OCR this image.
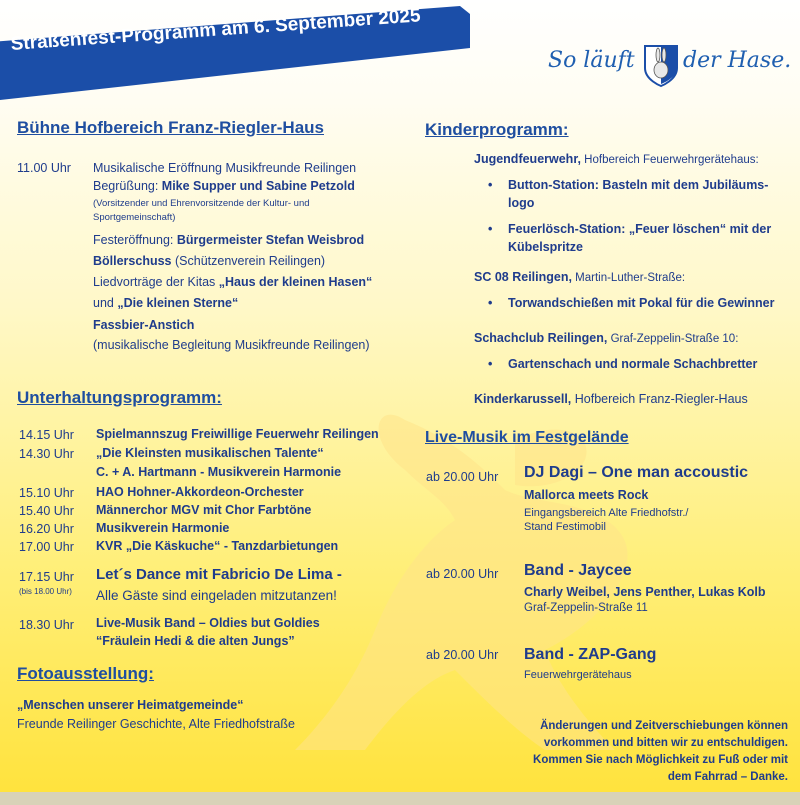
Straßenfest-Programm am 6. September 2025
So läuft der Hase.
Bühne Hofbereich Franz-Riegler-Haus
11.00 Uhr Musikalische Eröffnung Musikfreunde Reilingen
Begrüßung: Mike Supper und Sabine Petzold
(Vorsitzender und Ehrenvorsitzende der Kultur- und
Sportgemeinschaft)
Festeröffnung: Bürgermeister Stefan Weisbrod
Böllerschuss (Schützenverein Reilingen)
Liedvorträge der Kitas „Haus der kleinen Hasen“
und „Die kleinen Sterne“
Fassbier-Anstich
(musikalische Begleitung Musikfreunde Reilingen)
Unterhaltungsprogramm:
14.15 Uhr Spielmannszug Freiwillige Feuerwehr Reilingen
14.30 Uhr „Die Kleinsten musikalischen Talente“
C. + A. Hartmann - Musikverein Harmonie
15.10 Uhr HAO Hohner-Akkordeon-Orchester
15.40 Uhr Männerchor MGV mit Chor Farbtöne
16.20 Uhr Musikverein Harmonie
17.00 Uhr KVR „Die Käskuche“ - Tanzdarbietungen
17.15 Uhr
(bis 18.00 Uhr)
Let´s Dance mit Fabricio De Lima -
Alle Gäste sind eingeladen mitzutanzen!
18.30 Uhr Live-Musik Band – Oldies but Goldies
“Fräulein Hedi & die alten Jungs”
Fotoausstellung:
„Menschen unserer Heimatgemeinde“
Freunde Reilinger Geschichte, Alte Friedhofstraße
Kinderprogramm:
Jugendfeuerwehr, Hofbereich Feuerwehrgerätehaus:
• Button-Station: Basteln mit dem Jubiläums-
logo
• Feuerlösch-Station: „Feuer löschen“ mit der
Kübelspritze
SC 08 Reilingen, Martin-Luther-Straße:
• Torwandschießen mit Pokal für die Gewinner
Schachclub Reilingen, Graf-Zeppelin-Straße 10:
• Gartenschach und normale Schachbretter
Kinderkarussell, Hofbereich Franz-Riegler-Haus
Live-Musik im Festgelände
ab 20.00 Uhr DJ Dagi – One man accoustic
Mallorca meets Rock
Eingangsbereich Alte Friedhofstr./
Stand Festimobil
ab 20.00 Uhr Band - Jaycee
Charly Weibel, Jens Penther, Lukas Kolb
Graf-Zeppelin-Straße 11
ab 20.00 Uhr Band - ZAP-Gang
Feuerwehrgerätehaus
Änderungen und Zeitverschiebungen können
vorkommen und bitten wir zu entschuldigen.
Kommen Sie nach Möglichkeit zu Fuß oder mit
dem Fahrrad – Danke.
